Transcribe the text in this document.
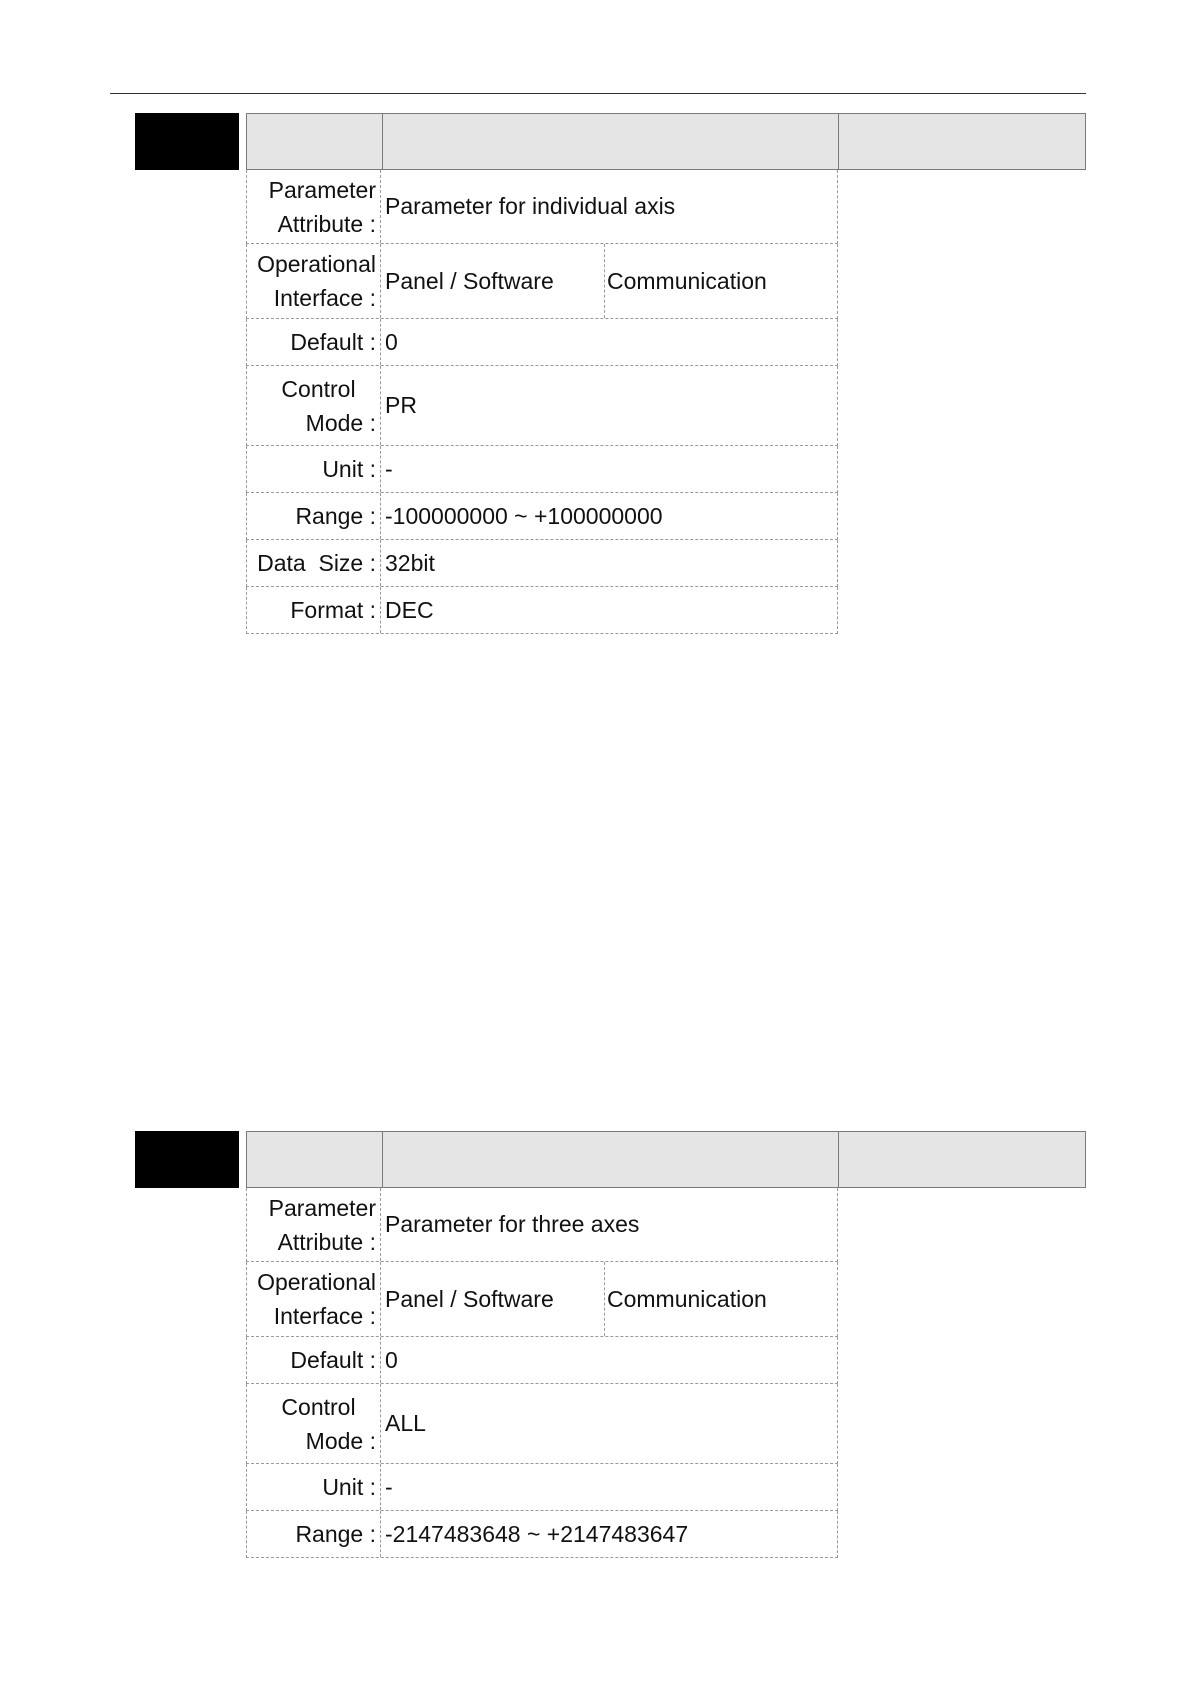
Parameter
Attribute :
Parameter for individual axis
Operational
Interface :
Panel / Software	Communication
Default : 0
Control
Mode :
PR
Unit : -
Range : -100000000 ~ +100000000
Data  Size : 32bit
Format : DEC
Parameter
Attribute :
Parameter for three axes
Operational
Interface :
Panel / Software	Communication
Default : 0
Control
Mode :
ALL
Unit : -
Range : -2147483648 ~ +2147483647
